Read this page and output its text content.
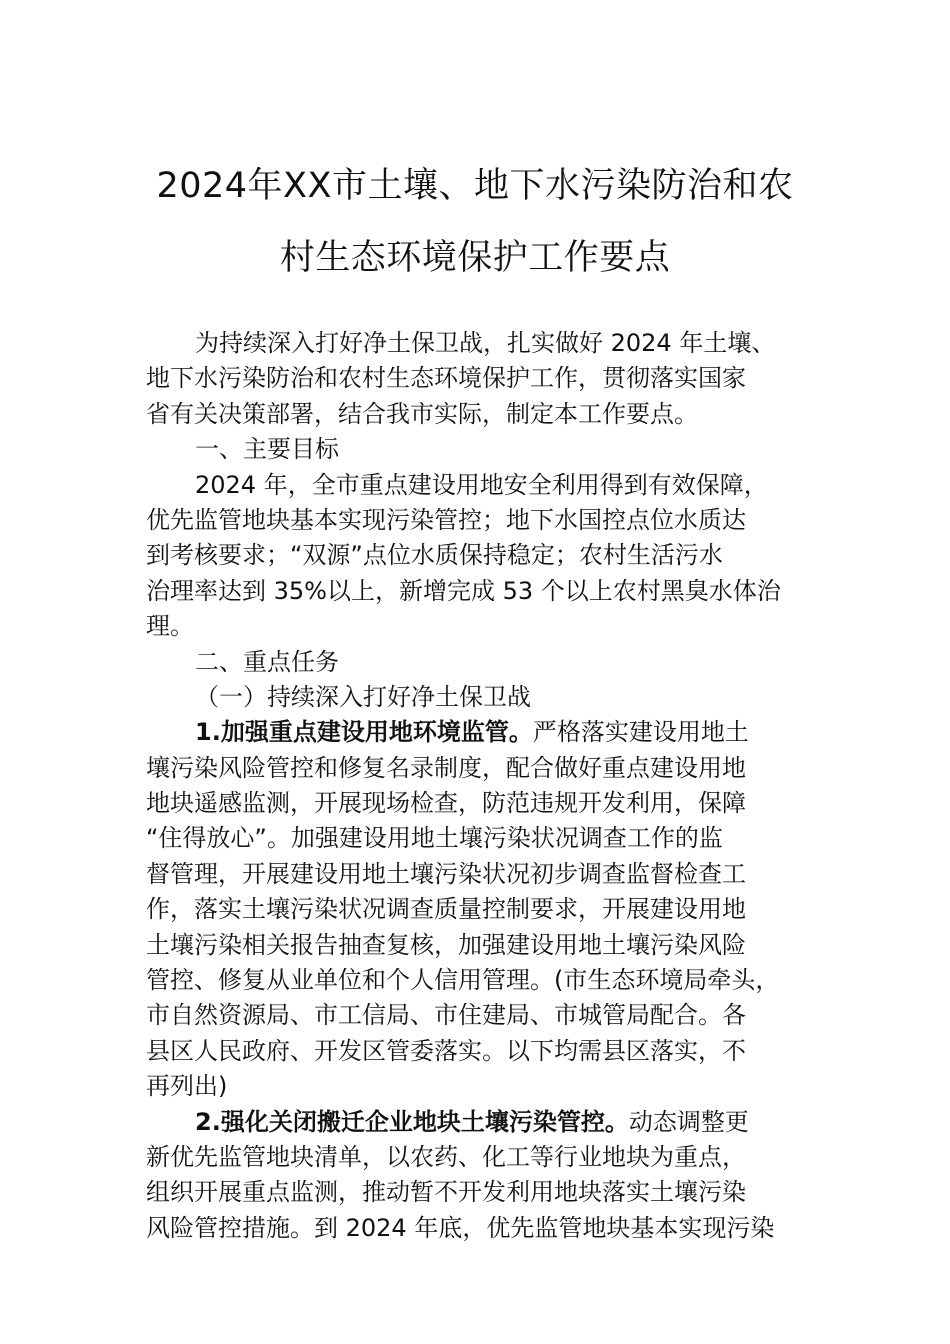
2024年XX市土壤、地下水污染防治和农
村生态环境保护工作要点
为持续深入打好净土保卫战，扎实做好 2024 年土壤、
地下水污染防治和农村生态环境保护工作，贯彻落实国家
省有关决策部署，结合我市实际，制定本工作要点。
一、主要目标
2024 年，全市重点建设用地安全利用得到有效保障，
优先监管地块基本实现污染管控；地下水国控点位水质达
到考核要求；“双源”点位水质保持稳定；农村生活污水
治理率达到 35%以上，新增完成 53 个以上农村黑臭水体治
理。
二、重点任务
（一）持续深入打好净土保卫战
1.加强重点建设用地环境监管。严格落实建设用地土
壤污染风险管控和修复名录制度，配合做好重点建设用地
地块遥感监测，开展现场检查，防范违规开发利用，保障
“住得放心”。加强建设用地土壤污染状况调查工作的监
督管理，开展建设用地土壤污染状况初步调查监督检查工
作，落实土壤污染状况调查质量控制要求，开展建设用地
土壤污染相关报告抽查复核，加强建设用地土壤污染风险
管控、修复从业单位和个人信用管理。(市生态环境局牵头，
市自然资源局、市工信局、市住建局、市城管局配合。各
县区人民政府、开发区管委落实。以下均需县区落实，不
再列出)
2.强化关闭搬迁企业地块土壤污染管控。动态调整更
新优先监管地块清单，以农药、化工等行业地块为重点，
组织开展重点监测，推动暂不开发利用地块落实土壤污染
风险管控措施。到 2024 年底，优先监管地块基本实现污染
